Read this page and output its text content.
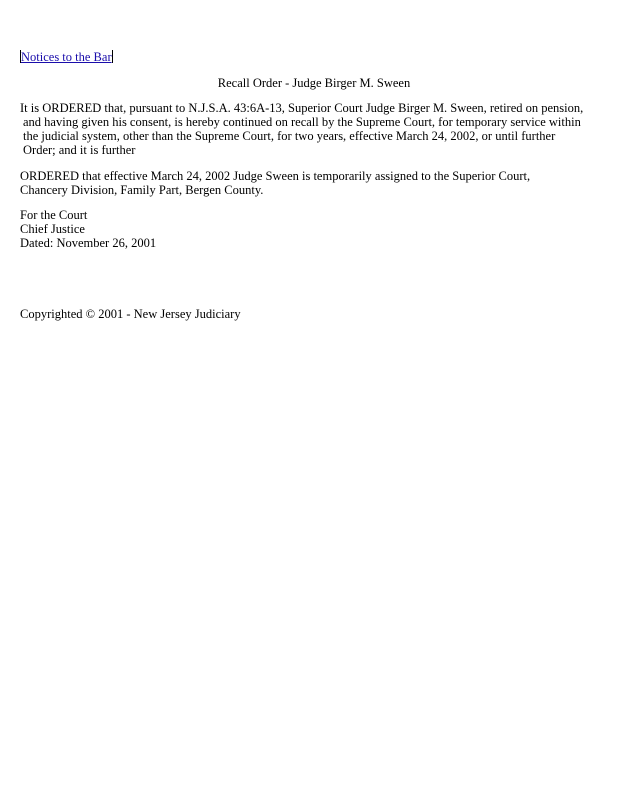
Notices to the Bar
Recall Order - Judge Birger M. Sween

It is ORDERED that, pursuant to N.J.S.A. 43:6A-13, Superior Court Judge Birger M. Sween, retired on pension, and having given his consent, is hereby continued on recall by the Supreme Court, for temporary service within the judicial system, other than the Supreme Court, for two years, effective March 24, 2002, or until further Order; and it is further

ORDERED that effective March 24, 2002 Judge Sween is temporarily assigned to the Superior Court, Chancery Division, Family Part, Bergen County.

For the Court
Chief Justice
Dated: November 26, 2001
Copyrighted © 2001 - New Jersey Judiciary
